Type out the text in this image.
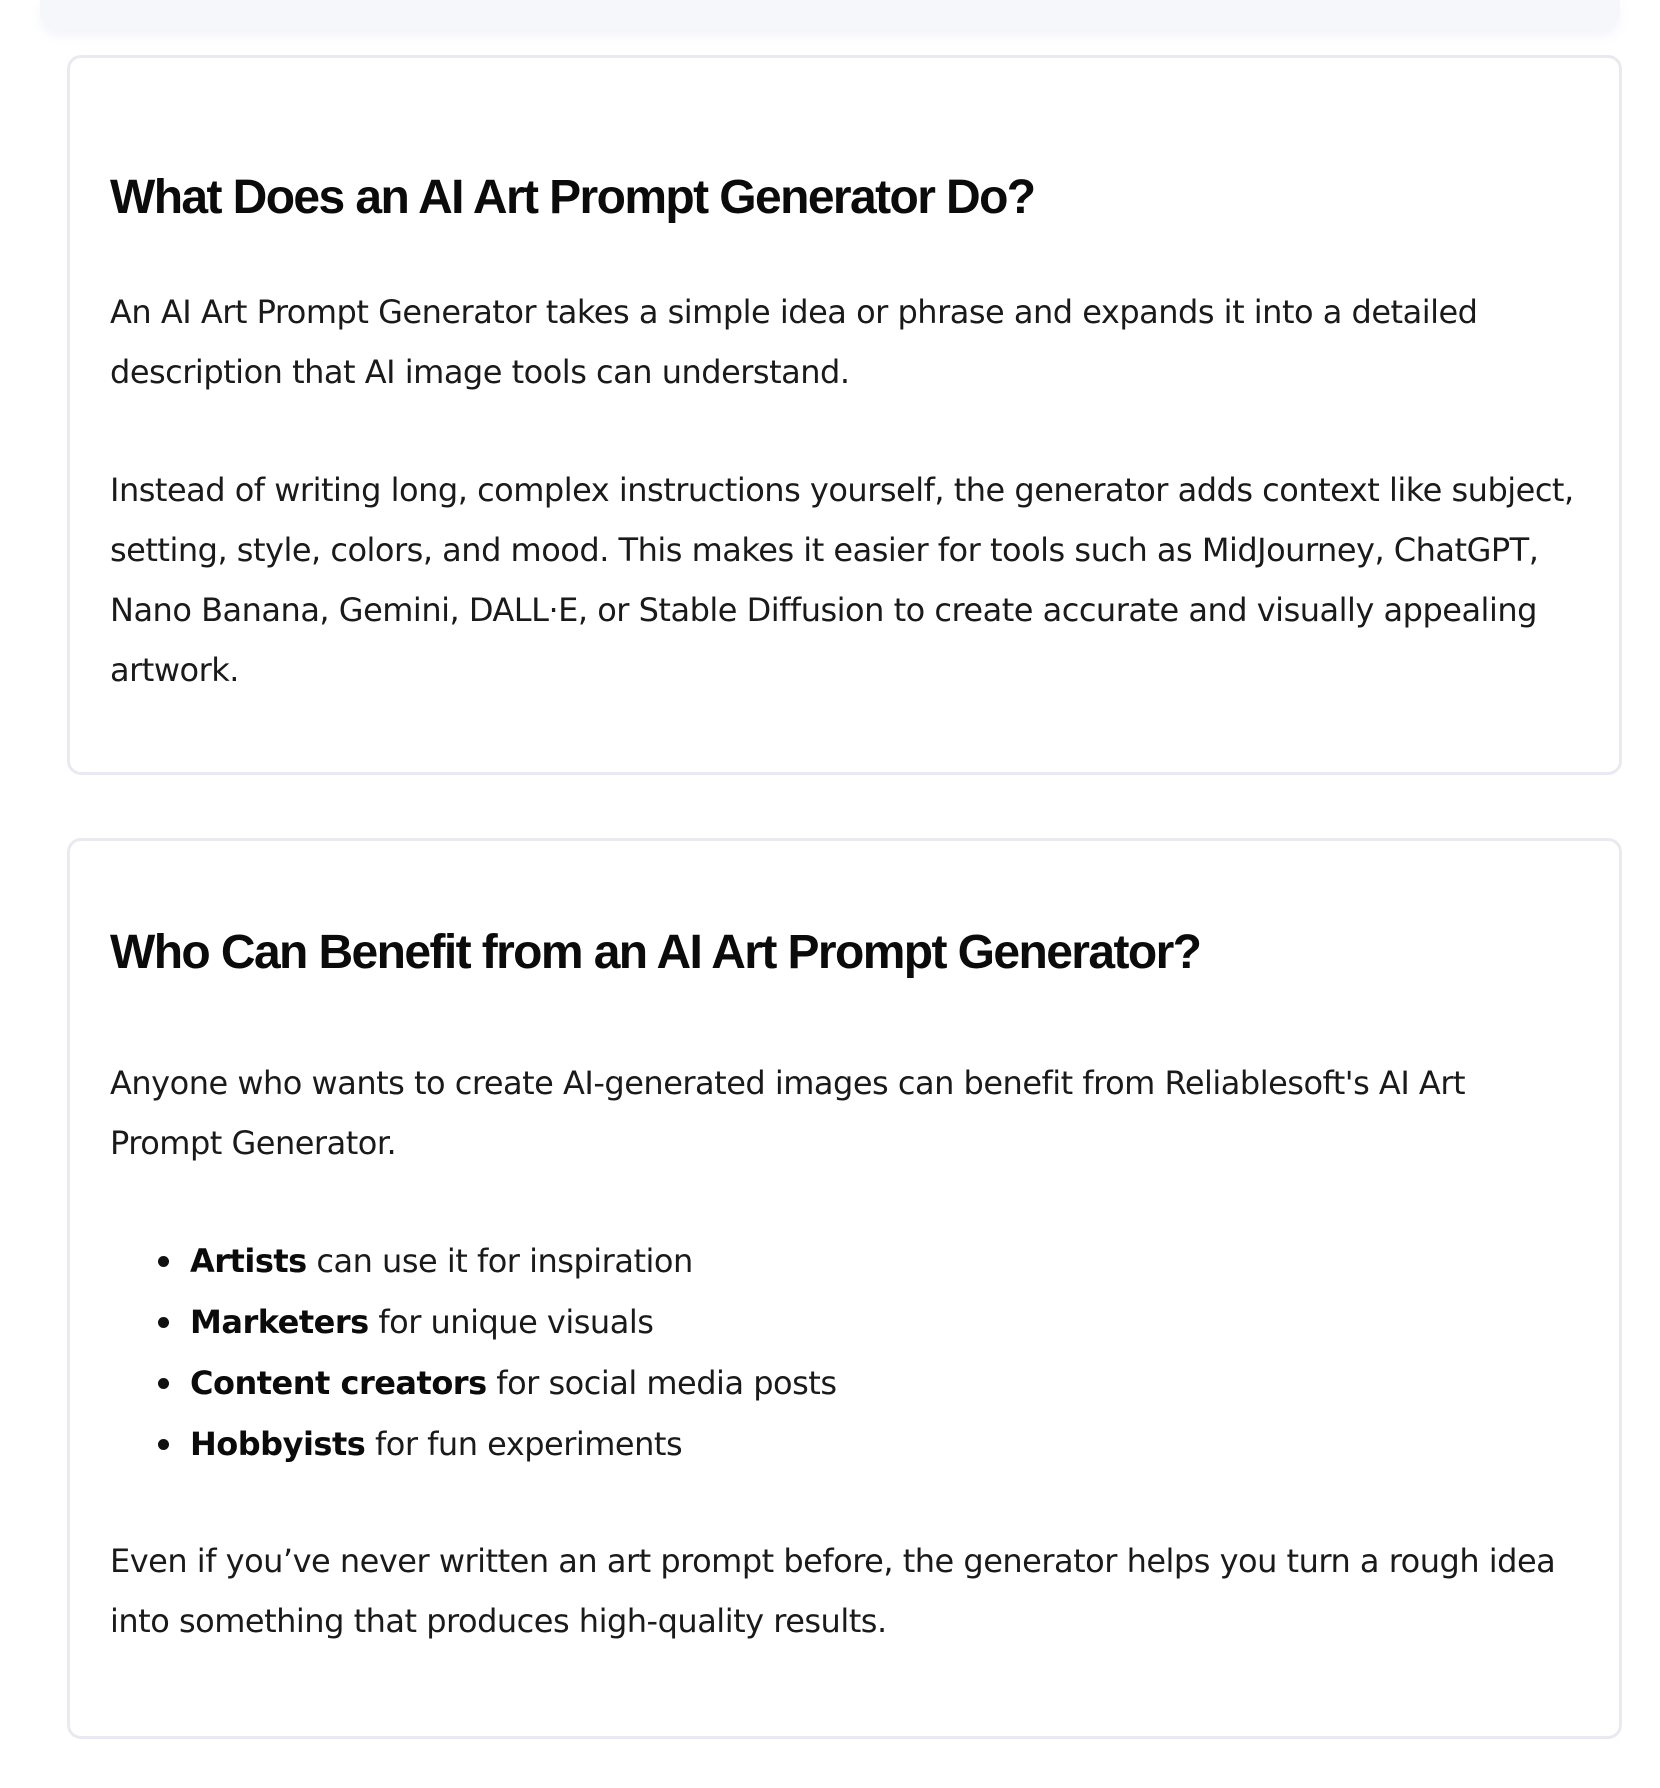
What Does an AI Art Prompt Generator Do?

An AI Art Prompt Generator takes a simple idea or phrase and expands it into a detailed description that AI image tools can understand.

Instead of writing long, complex instructions yourself, the generator adds context like subject, setting, style, colors, and mood. This makes it easier for tools such as MidJourney, ChatGPT, Nano Banana, Gemini, DALL·E, or Stable Diffusion to create accurate and visually appealing artwork.

Who Can Benefit from an AI Art Prompt Generator?

Anyone who wants to create AI-generated images can benefit from Reliablesoft's AI Art Prompt Generator.

Artists can use it for inspiration
Marketers for unique visuals
Content creators for social media posts
Hobbyists for fun experiments

Even if you’ve never written an art prompt before, the generator helps you turn a rough idea into something that produces high-quality results.
